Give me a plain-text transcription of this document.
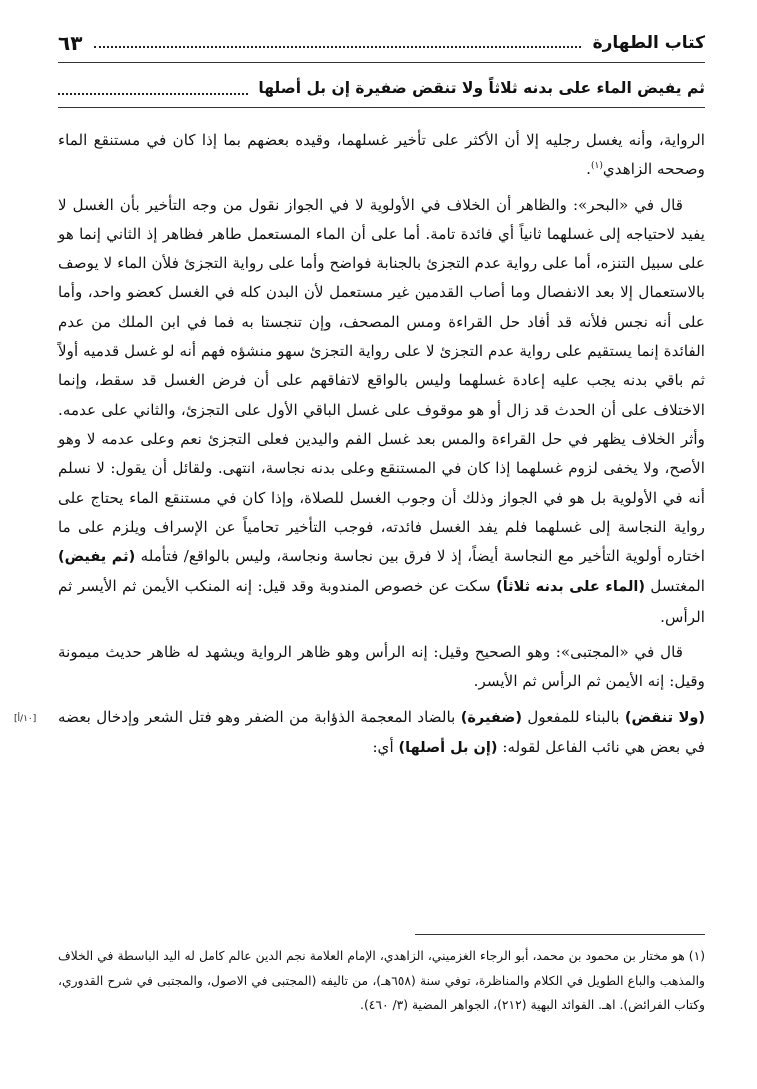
كتاب الطهارة
٦٣
ثم يفيض الماء على بدنه ثلاثاً ولا تنقض ضفيرة إن بل أصلها

الرواية، وأنه يغسل رجليه إلا أن الأكثر على تأخير غسلهما، وقيده بعضهم بما إذا كان في مستنقع الماء وصححه الزاهدي$^{(١)}$.

قال في «البحر»: والظاهر أن الخلاف في الأولوية لا في الجواز نقول من وجه التأخير بأن الغسل لا يفيد لاحتياجه إلى غسلهما ثانياً أي فائدة تامة. أما على أن الماء المستعمل طاهر فظاهر إذ الثاني إنما هو على سبيل التنزه، أما على رواية عدم التجزئ بالجنابة فواضح وأما على رواية التجزئ فلأن الماء لا يوصف بالاستعمال إلا بعد الانفصال وما أصاب القدمين غير مستعمل لأن البدن كله في الغسل كعضو واحد، وأما على أنه نجس فلأنه قد أفاد حل القراءة ومس المصحف، وإن تنجستا به فما في ابن الملك من عدم الفائدة إنما يستقيم على رواية عدم التجزئ لا على رواية التجزئ سهو منشؤه فهم أنه لو غسل قدميه أولاً ثم باقي بدنه يجب عليه إعادة غسلهما وليس بالواقع لاتفاقهم على أن فرض الغسل قد سقط، وإنما الاختلاف على أن الحدث قد زال أو هو موقوف على غسل الباقي الأول على التجزئ، والثاني على عدمه. وأثر الخلاف يظهر في حل القراءة والمس بعد غسل الفم واليدين فعلى التجزئ نعم وعلى عدمه لا وهو الأصح، ولا يخفى لزوم غسلهما إذا كان في المستنقع وعلى بدنه نجاسة، انتهى. ولقائل أن يقول: لا نسلم أنه في الأولوية بل هو في الجواز وذلك أن وجوب الغسل للصلاة، وإذا كان في مستنقع الماء يحتاج على رواية النجاسة إلى غسلهما فلم يفد الغسل فائدته، فوجب التأخير تحامياً عن الإسراف ويلزم على ما اختاره أولوية التأخير مع النجاسة أيضاً، إذ لا فرق بين نجاسة ونجاسة، وليس بالواقع/ فتأمله (ثم يفيض) المغتسل (الماء على بدنه ثلاثاً) سكت عن خصوص المندوبة وقد قيل: إنه المنكب الأيمن ثم الأيسر ثم الرأس.

قال في «المجتبى»: وهو الصحيح وقيل: إنه الرأس وهو ظاهر الرواية ويشهد له ظاهر حديث ميمونة وقيل: إنه الأيمن ثم الرأس ثم الأيسر.

(ولا تنقض) بالبناء للمفعول (ضفيرة) بالضاد المعجمة الذؤابة من الضفر وهو فتل الشعر وإدخال بعضه في بعض هي نائب الفاعل لقوله: (إن بل أصلها) أي:

[١٠/أ]

(١) هو مختار بن محمود بن محمد، أبو الرجاء الغزميني، الزاهدي، الإمام العلامة نجم الدين عالم كامل له اليد الباسطة في الخلاف والمذهب والباع الطويل في الكلام والمناظرة، توفي سنة (٦٥٨هـ)، من تاليفه (المجتبى في الاصول، والمجتبى في شرح القدوري، وكتاب الفرائض). اهـ. الفوائد البهية (٢١٢)، الجواهر المضية (٣/ ٤٦٠).
